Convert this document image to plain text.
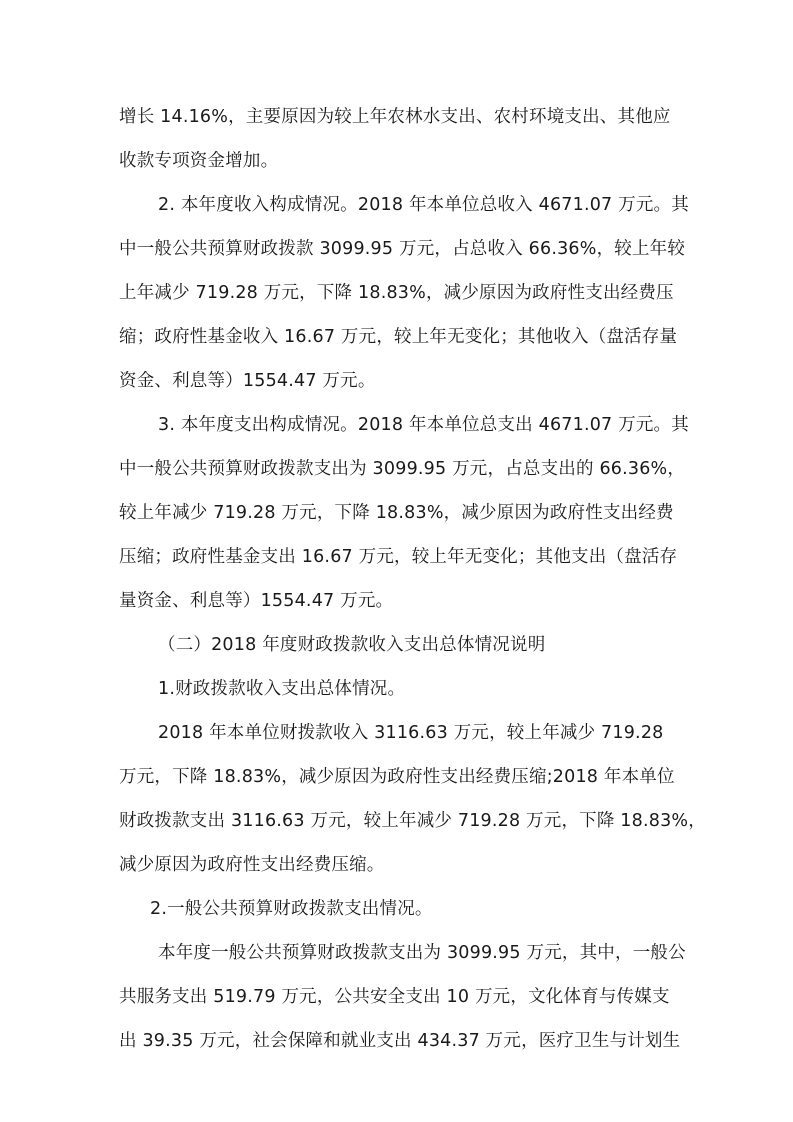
增长 14.16%，主要原因为较上年农林水支出、农村环境支出、其他应
收款专项资金增加。
2. 本年度收入构成情况。2018 年本单位总收入 4671.07 万元。其
中一般公共预算财政拨款 3099.95 万元，占总收入 66.36%，较上年较
上年减少 719.28 万元，下降 18.83%，减少原因为政府性支出经费压
缩；政府性基金收入 16.67 万元，较上年无变化；其他收入（盘活存量
资金、利息等）1554.47 万元。
3. 本年度支出构成情况。2018 年本单位总支出 4671.07 万元。其
中一般公共预算财政拨款支出为 3099.95 万元，占总支出的 66.36%，
较上年减少 719.28 万元，下降 18.83%，减少原因为政府性支出经费
压缩；政府性基金支出 16.67 万元，较上年无变化；其他支出（盘活存
量资金、利息等）1554.47 万元。
（二）2018 年度财政拨款收入支出总体情况说明
1.财政拨款收入支出总体情况。
2018 年本单位财拨款收入 3116.63 万元，较上年减少 719.28
万元，下降 18.83%，减少原因为政府性支出经费压缩;2018 年本单位
财政拨款支出 3116.63 万元，较上年减少 719.28 万元，下降 18.83%，
减少原因为政府性支出经费压缩。
2.一般公共预算财政拨款支出情况。
本年度一般公共预算财政拨款支出为 3099.95 万元，其中，一般公
共服务支出 519.79 万元，公共安全支出 10 万元，文化体育与传媒支
出 39.35 万元，社会保障和就业支出 434.37 万元，医疗卫生与计划生
